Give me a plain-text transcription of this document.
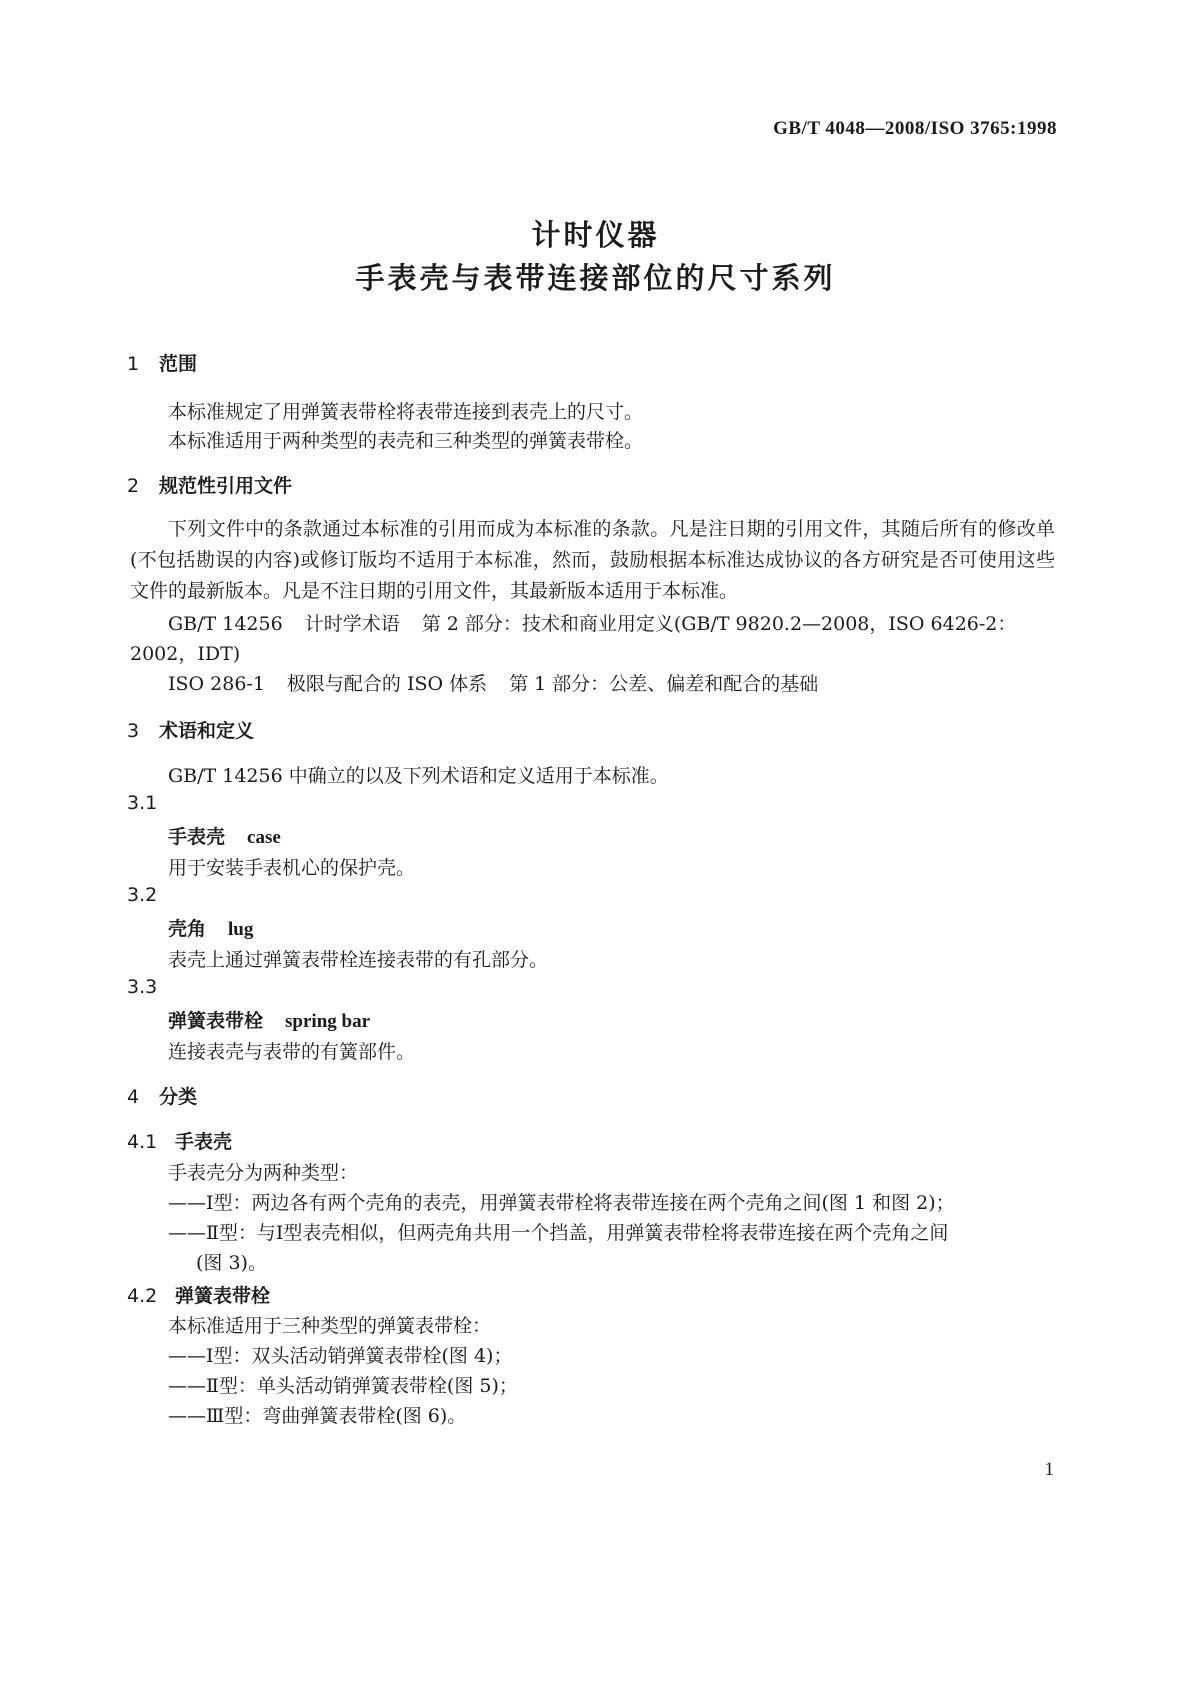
GB/T 4048—2008/ISO 3765:1998
计时仪器
手表壳与表带连接部位的尺寸系列
1 范围
本标准规定了用弹簧表带栓将表带连接到表壳上的尺寸。
本标准适用于两种类型的表壳和三种类型的弹簧表带栓。
2 规范性引用文件
下列文件中的条款通过本标准的引用而成为本标准的条款。凡是注日期的引用文件，其随后所有的修改单(不包括勘误的内容)或修订版均不适用于本标准，然而，鼓励根据本标准达成协议的各方研究是否可使用这些文件的最新版本。凡是不注日期的引用文件，其最新版本适用于本标准。
GB/T 14256 计时学术语 第 2 部分：技术和商业用定义(GB/T 9820.2—2008，ISO 6426-2：
2002，IDT)
ISO 286-1 极限与配合的 ISO 体系 第 1 部分：公差、偏差和配合的基础
3 术语和定义
GB/T 14256 中确立的以及下列术语和定义适用于本标准。
3.1
手表壳 case
用于安装手表机心的保护壳。
3.2
壳角 lug
表壳上通过弹簧表带栓连接表带的有孔部分。
3.3
弹簧表带栓 spring bar
连接表壳与表带的有簧部件。
4 分类
4.1 手表壳
手表壳分为两种类型：
——Ⅰ型：两边各有两个壳角的表壳，用弹簧表带栓将表带连接在两个壳角之间(图 1 和图 2)；
——Ⅱ型：与Ⅰ型表壳相似，但两壳角共用一个挡盖，用弹簧表带栓将表带连接在两个壳角之间
(图 3)。
4.2 弹簧表带栓
本标准适用于三种类型的弹簧表带栓：
——Ⅰ型：双头活动销弹簧表带栓(图 4)；
——Ⅱ型：单头活动销弹簧表带栓(图 5)；
——Ⅲ型：弯曲弹簧表带栓(图 6)。
1
